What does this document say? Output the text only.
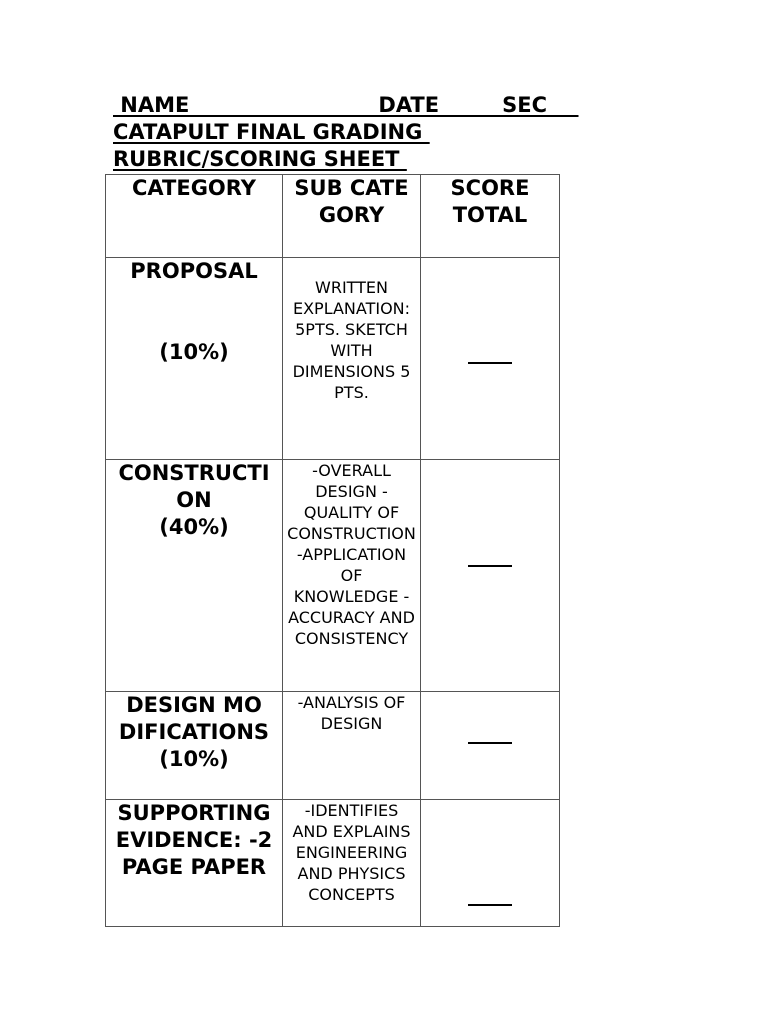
NAME__________________DATE______SEC___
CATAPULT FINAL GRADING
RUBRIC/SCORING SHEET
CATEGORY	SUB CATEGORY	SCORE TOTAL

PROPOSAL
(10%)	WRITTEN EXPLANATION: 5PTS. SKETCH WITH DIMENSIONS 5 PTS.	

CONSTRUCTION
(40%)	-OVERALL DESIGN -QUALITY OF CONSTRUCTION -APPLICATION OF KNOWLEDGE -ACCURACY AND CONSISTENCY	

DESIGN MODIFICATIONS
(10%)	-ANALYSIS OF DESIGN	

SUPPORTING EVIDENCE: -2 PAGE PAPER	-IDENTIFIES AND EXPLAINS ENGINEERING AND PHYSICS CONCEPTS	
